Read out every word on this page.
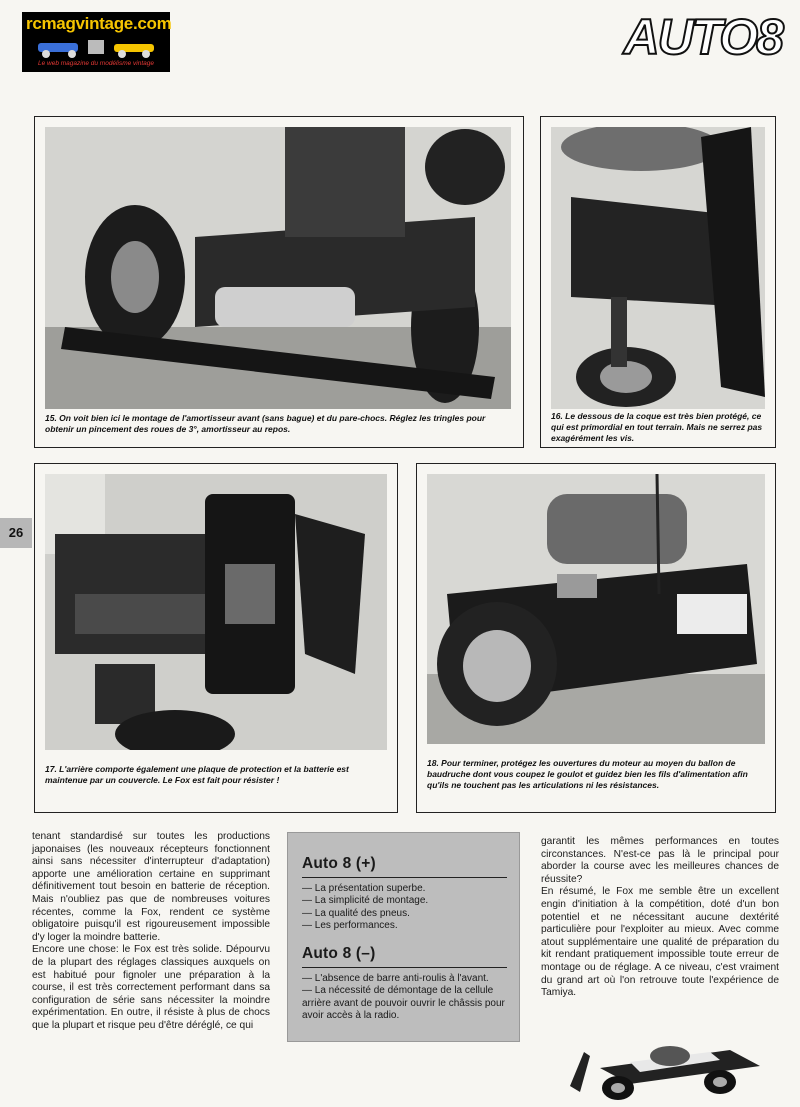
rcmagvintage.com
Le web magazine du modélisme vintage	AUTO8
15. On voit bien ici le montage de l'amortisseur avant (sans bague) et du pare-chocs. Réglez les tringles pour obtenir un pincement des roues de 3°, amortisseur au repos.
16. Le dessous de la coque est très bien protégé, ce qui est primordial en tout terrain. Mais ne serrez pas exagérément les vis.
17. L'arrière comporte également une plaque de protection et la batterie est maintenue par un couvercle. Le Fox est fait pour résister !
18. Pour terminer, protégez les ouvertures du moteur au moyen du ballon de baudruche dont vous coupez le goulot et guidez bien les fils d'alimentation afin qu'ils ne touchent pas les articulations ni les résistances.
26

tenant standardisé sur toutes les productions japonaises (les nouveaux récepteurs fonctionnent ainsi sans nécessiter d'interrupteur d'adaptation) apporte une amélioration certaine en supprimant définitivement tout besoin en batterie de réception. Mais n'oubliez pas que de nombreuses voitures récentes, comme la Fox, rendent ce système obligatoire puisqu'il est rigoureusement impossible d'y loger la moindre batterie.

Encore une chose: le Fox est très solide. Dépourvu de la plupart des réglages classiques auxquels on est habitué pour fignoler une préparation à la course, il est très correctement performant dans sa configuration de série sans nécessiter la moindre expérimentation. En outre, il résiste à plus de chocs que la plupart et risque peu d'être déréglé, ce qui

Auto 8 (+)
— La présentation superbe.
— La simplicité de montage.
— La qualité des pneus.
— Les performances.
Auto 8 (–)
— L'absence de barre anti-roulis à l'avant.
— La nécessité de démontage de la cellule arrière avant de pouvoir ouvrir le châssis pour avoir accès à la radio.

garantit les mêmes performances en toutes circonstances. N'est-ce pas là le principal pour aborder la course avec les meilleures chances de réussite?

En résumé, le Fox me semble être un excellent engin d'initiation à la compétition, doté d'un bon potentiel et ne nécessitant aucune dextérité particulière pour l'exploiter au mieux. Avec comme atout supplémentaire une qualité de préparation du kit rendant pratiquement impossible toute erreur de montage ou de réglage. A ce niveau, c'est vraiment du grand art où l'on retrouve toute l'expérience de Tamiya.
